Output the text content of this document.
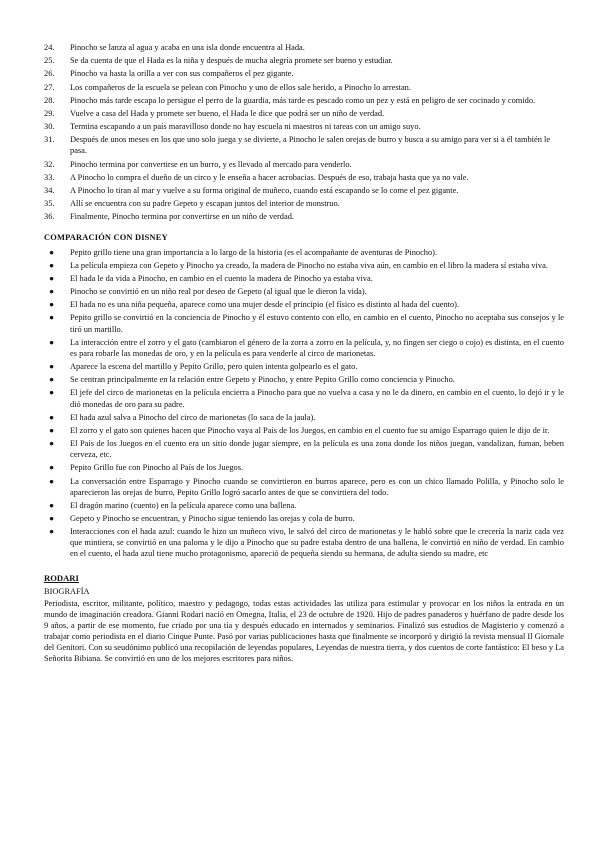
24.	Pinocho se lanza al agua y acaba en una isla donde encuentra al Hada.
25.	Se da cuenta de que el Hada es la niña y después de mucha alegría promete ser bueno y estudiar.
26.	Pinocho va hasta la orilla a ver con sus compañeros el pez gigante.
27.	Los compañeros de la escuela se pelean con Pinocho y uno de ellos sale herido, a Pinocho lo arrestan.
28.	Pinocho más tarde escapa lo persigue el perro de la guardia, más tarde es pescado como un pez y está en peligro de ser cocinado y comido.
29.	Vuelve a casa del Hada y promete ser bueno, el Hada le dice que podrá ser un niño de verdad.
30.	Termina escapando a un país maravilloso donde no hay escuela ni maestros ni tareas con un amigo suyo.
31.	Después de unos meses en los que uno solo juega y se divierte, a Pinocho le salen orejas de burro y busca a su amigo para ver si a él también le pasa.
32.	Pinocho termina por convertirse en un burro, y es llevado al mercado para venderlo.
33.	A Pinocho lo compra el dueño de un circo y le enseña a hacer acrobacias. Después de eso, trabaja hasta que ya no vale.
34.	A Pinocho lo tiran al mar y vuelve a su forma original de muñeco, cuando está escapando se lo come el pez gigante.
35.	Allí se encuentra con su padre Gepeto y escapan juntos del interior de monstruo.
36.	Finalmente, Pinocho termina por convertirse en un niño de verdad.
COMPARACIÓN CON DISNEY
●	Pepito grillo tiene una gran importancia a lo largo de la historia (es el acompañante de aventuras de Pinocho).
●	La película empieza con Gepeto y Pinocho ya creado, la madera de Pinocho no estaba viva aún, en cambio en el libro la madera sí estaba viva.
●	El hada le da vida a Pinocho, en cambio en el cuento la madera de Pinocho ya estaba viva.
●	Pinocho se convirtió en un niño real por deseo de Gepeto (al igual que le dieron la vida).
●	El hada no es una niña pequeña, aparece como una mujer desde el principio (el físico es distinto al hada del cuento).
●	Pepito grillo se convirtió en la conciencia de Pinocho y él estuvo contento con ello, en cambio en el cuento, Pinocho no aceptaba sus consejos y le tiró un martillo.
●	La interacción entre el zorro y el gato (cambiaron el género de la zorra a zorro en la película, y, no fingen ser ciego o cojo) es distinta, en el cuento es para robarle las monedas de oro, y en la película es para venderle al circo de marionetas.
●	Aparece la escena del martillo y Pepito Grillo, pero quien intenta golpearlo es el gato.
●	Se centran principalmente en la relación entre Gepeto y Pinocho, y entre Pepito Grillo como conciencia y Pinocho.
●	El jefe del circo de marionetas en la película encierra a Pinocho para que no vuelva a casa y no le da dinero, en cambio en el cuento, lo dejó ir y le dió monedas de oro para su padre.
●	El hada azul salva a Pinocho del circo de marionetas (lo saca de la jaula).
●	El zorro y el gato son quienes hacen que Pinocho vaya al País de los Juegos, en cambio en el cuento fue su amigo Esparrago quien le dijo de ir.
●	El País de los Juegos en el cuento era un sitio donde jugar siempre, en la película es una zona donde los niños juegan, vandalizan, fuman, beben cerveza, etc.
●	Pepito Grillo fue con Pinocho al País de los Juegos.
●	La conversación entre Esparrago y Pinocho cuando se convirtieron en burros aparece, pero es con un chico llamado Polilla, y Pinocho solo le aparecieron las orejas de burro, Pepito Grillo logró sacarlo antes de que se convirtiera del todo.
●	El dragón marino (cuento) en la película aparece como una ballena.
●	Gepeto y Pinocho se encuentran, y Pinocho sigue teniendo las orejas y cola de burro.
●	Interacciones con el hada azul: cuando le hizo un muñeco vivo, le salvó del circo de marionetas y le habló sobre que le crecería la nariz cada vez que mintiera, se convirtió en una paloma y le dijo a Pinocho que su padre estaba dentro de una ballena, le convirtió en niño de verdad. En cambio en el cuento, el hada azul tiene mucho protagonismo, apareció de pequeña siendo su hermana, de adulta siendo su madre, etc
RODARI
BIOGRAFÍA
Periodista, escritor, militante, político, maestro y pedagogo, todas estas actividades las utiliza para estimular y provocar en los niños la entrada en un mundo de imaginación creadora. Gianni Rodari nació en Omegna, Italia, el 23 de octubre de 1920. Hijo de padres panaderos y huérfano de padre desde los 9 años, a partir de ese momento, fue criado por una tía y después educado en internados y seminarios. Finalizó sus estudios de Magisterio y comenzó a trabajar como periodista en el diario Cinque Punte. Pasó por varias publicaciones hasta que finalmente se incorporó y dirigió la revista mensual Il Giornale del Genitori. Con su seudónimo publicó una recopilación de leyendas populares, Leyendas de nuestra tierra, y dos cuentos de corte fantástico: El beso y La Señorita Bibiana. Se convirtió en uno de los mejores escritores para niños.
